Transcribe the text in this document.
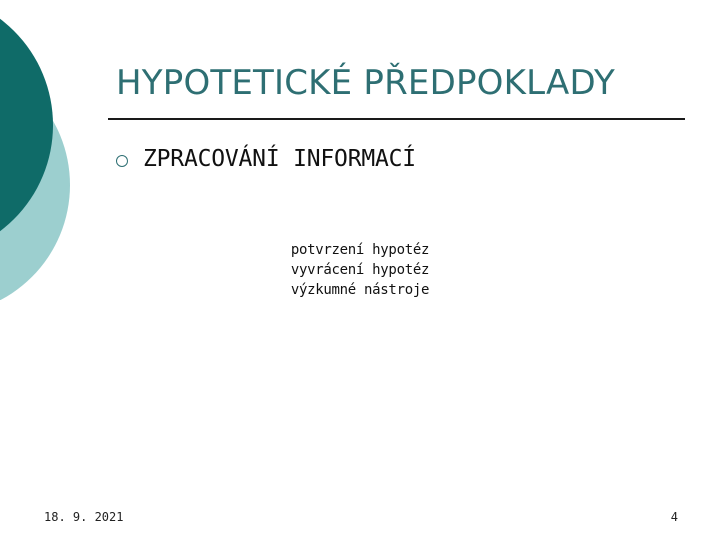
HYPOTETICKÉ PŘEDPOKLADY
ZPRACOVÁNÍ INFORMACÍ
potvrzení hypotéz
vyvrácení hypotéz
výzkumné nástroje
18. 9. 2021	4
